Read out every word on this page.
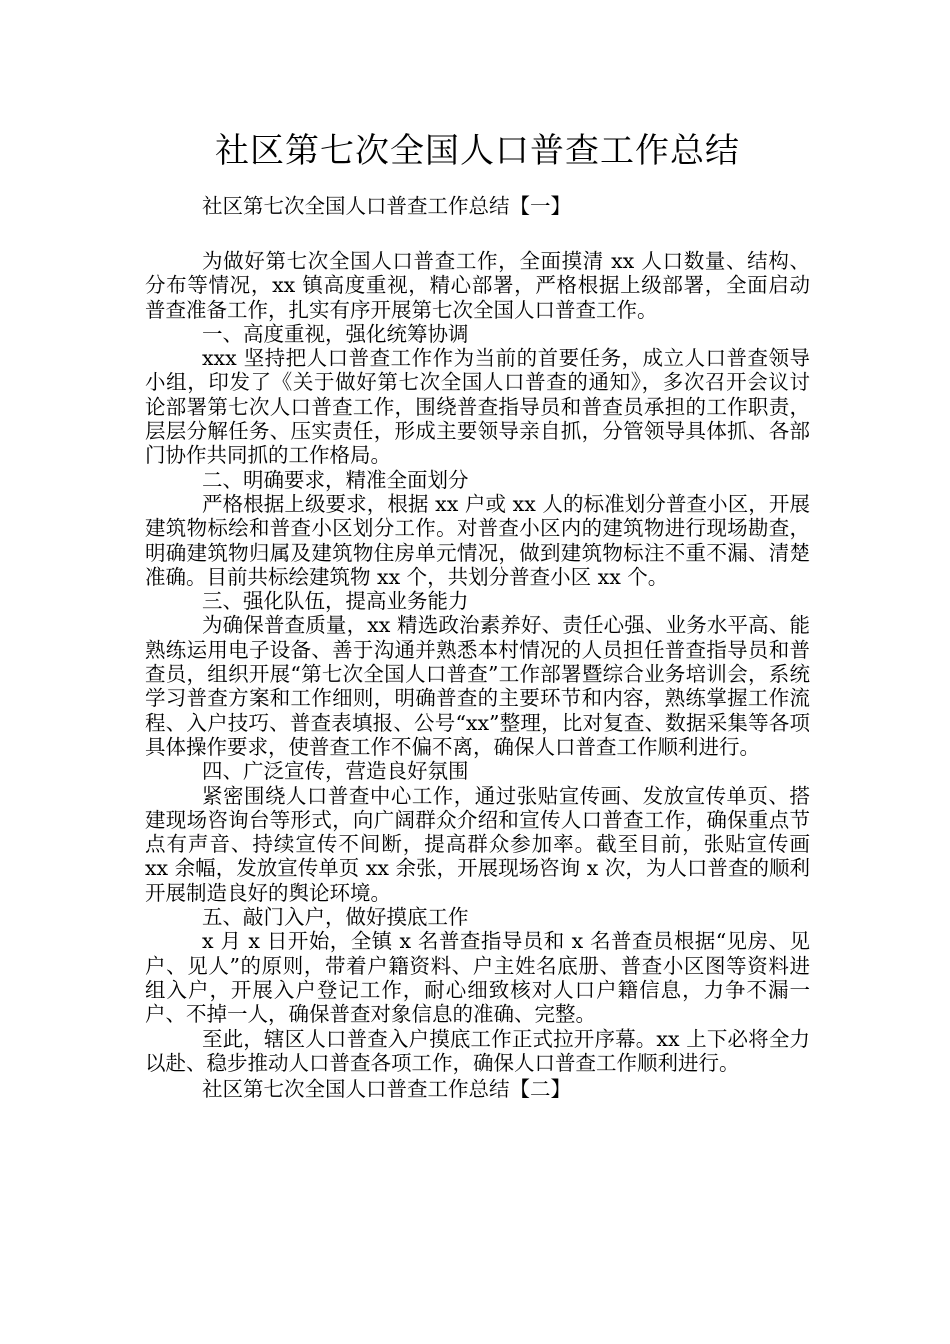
社区第七次全国人口普查工作总结
社区第七次全国人口普查工作总结【一】

为做好第七次全国人口普查工作，全面摸清 xx 人口数量、结构、分布等情况，xx 镇高度重视，精心部署，严格根据上级部署，全面启动普查准备工作，扎实有序开展第七次全国人口普查工作。

一、高度重视，强化统筹协调

xxx 坚持把人口普查工作作为当前的首要任务，成立人口普查领导小组，印发了《关于做好第七次全国人口普查的通知》，多次召开会议讨论部署第七次人口普查工作，围绕普查指导员和普查员承担的工作职责，层层分解任务、压实责任，形成主要领导亲自抓，分管领导具体抓、各部门协作共同抓的工作格局。

二、明确要求，精准全面划分

严格根据上级要求，根据 xx 户或 xx 人的标准划分普查小区，开展建筑物标绘和普查小区划分工作。对普查小区内的建筑物进行现场勘查，明确建筑物归属及建筑物住房单元情况，做到建筑物标注不重不漏、清楚准确。目前共标绘建筑物 xx 个，共划分普查小区 xx 个。

三、强化队伍，提高业务能力

为确保普查质量，xx 精选政治素养好、责任心强、业务水平高、能熟练运用电子设备、善于沟通并熟悉本村情况的人员担任普查指导员和普查员，组织开展“第七次全国人口普查”工作部署暨综合业务培训会，系统学习普查方案和工作细则，明确普查的主要环节和内容，熟练掌握工作流程、入户技巧、普查表填报、公号“xx”整理，比对复查、数据采集等各项具体操作要求，使普查工作不偏不离，确保人口普查工作顺利进行。

四、广泛宣传，营造良好氛围

紧密围绕人口普查中心工作，通过张贴宣传画、发放宣传单页、搭建现场咨询台等形式，向广阔群众介绍和宣传人口普查工作，确保重点节点有声音、持续宣传不间断，提高群众参加率。截至目前，张贴宣传画 xx 余幅，发放宣传单页 xx 余张，开展现场咨询 x 次，为人口普查的顺利开展制造良好的舆论环境。

五、敲门入户，做好摸底工作

x 月 x 日开始，全镇 x 名普查指导员和 x 名普查员根据“见房、见户、见人”的原则，带着户籍资料、户主姓名底册、普查小区图等资料进组入户，开展入户登记工作，耐心细致核对人口户籍信息，力争不漏一户、不掉一人，确保普查对象信息的准确、完整。

至此，辖区人口普查入户摸底工作正式拉开序幕。xx 上下必将全力以赴、稳步推动人口普查各项工作，确保人口普查工作顺利进行。

社区第七次全国人口普查工作总结【二】
